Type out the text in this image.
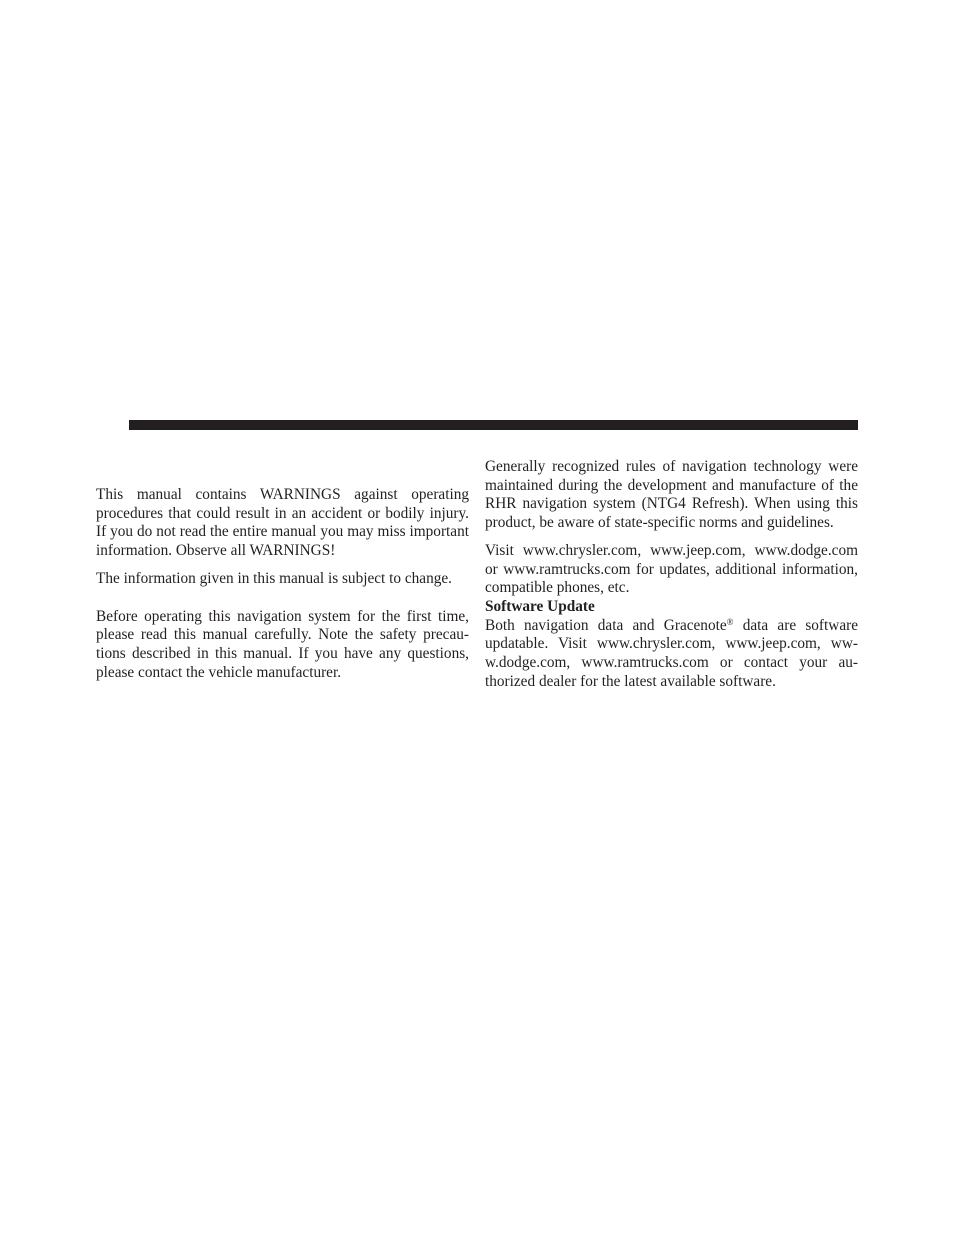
This manual contains WARNINGS against operating procedures that could result in an accident or bodily injury. If you do not read the entire manual you may miss important information. Observe all WARNINGS!

The information given in this manual is subject to change.

Before operating this navigation system for the first time, please read this manual carefully. Note the safety precautions described in this manual. If you have any questions, please contact the vehicle manufacturer.

Generally recognized rules of navigation technology were maintained during the development and manufacture of the RHR navigation system (NTG4 Refresh). When using this product, be aware of state-specific norms and guidelines.

Visit www.chrysler.com, www.jeep.com, www.dodge.com or www.ramtrucks.com for updates, additional information, compatible phones, etc.

Software Update

Both navigation data and Gracenote® data are software updatable. Visit www.chrysler.com, www.jeep.com, www.dodge.com, www.ramtrucks.com or contact your authorized dealer for the latest available software.
